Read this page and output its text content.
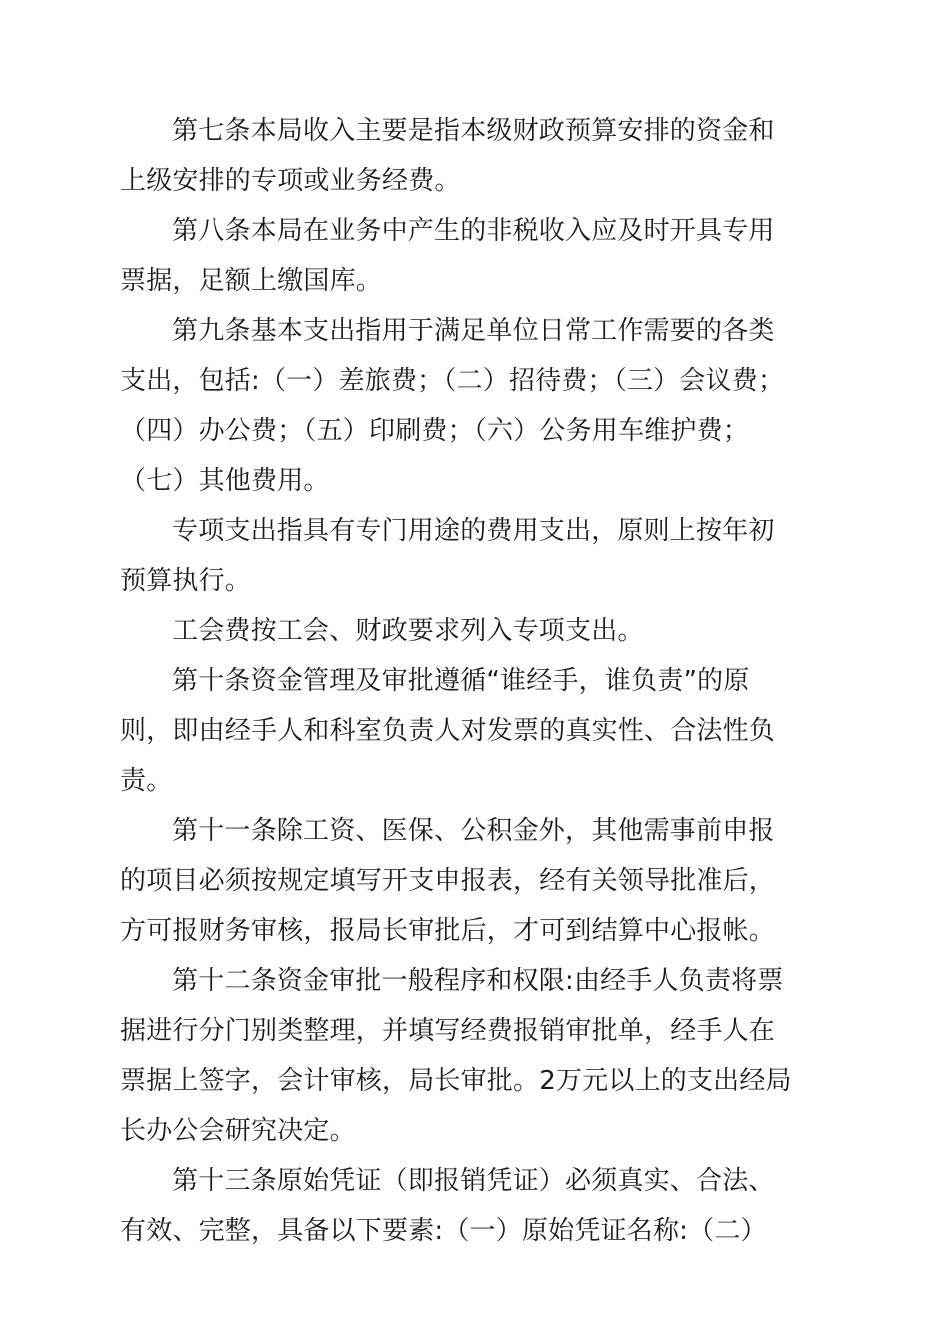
第七条本局收入主要是指本级财政预算安排的资金和
上级安排的专项或业务经费。
第八条本局在业务中产生的非税收入应及时开具专用
票据，足额上缴国库。
第九条基本支出指用于满足单位日常工作需要的各类
支出，包括:（一）差旅费；（二）招待费；（三）会议费；
（四）办公费；（五）印刷费；（六）公务用车维护费；
（七）其他费用。
专项支出指具有专门用途的费用支出，原则上按年初
预算执行。
工会费按工会、财政要求列入专项支出。
第十条资金管理及审批遵循“谁经手，谁负责”的原
则，即由经手人和科室负责人对发票的真实性、合法性负
责。
第十一条除工资、医保、公积金外，其他需事前申报
的项目必须按规定填写开支申报表，经有关领导批准后，
方可报财务审核，报局长审批后，才可到结算中心报帐。
第十二条资金审批一般程序和权限:由经手人负责将票
据进行分门别类整理，并填写经费报销审批单，经手人在
票据上签字，会计审核，局长审批。2万元以上的支出经局
长办公会研究决定。
第十三条原始凭证（即报销凭证）必须真实、合法、
有效、完整，具备以下要素:（一）原始凭证名称:（二）
